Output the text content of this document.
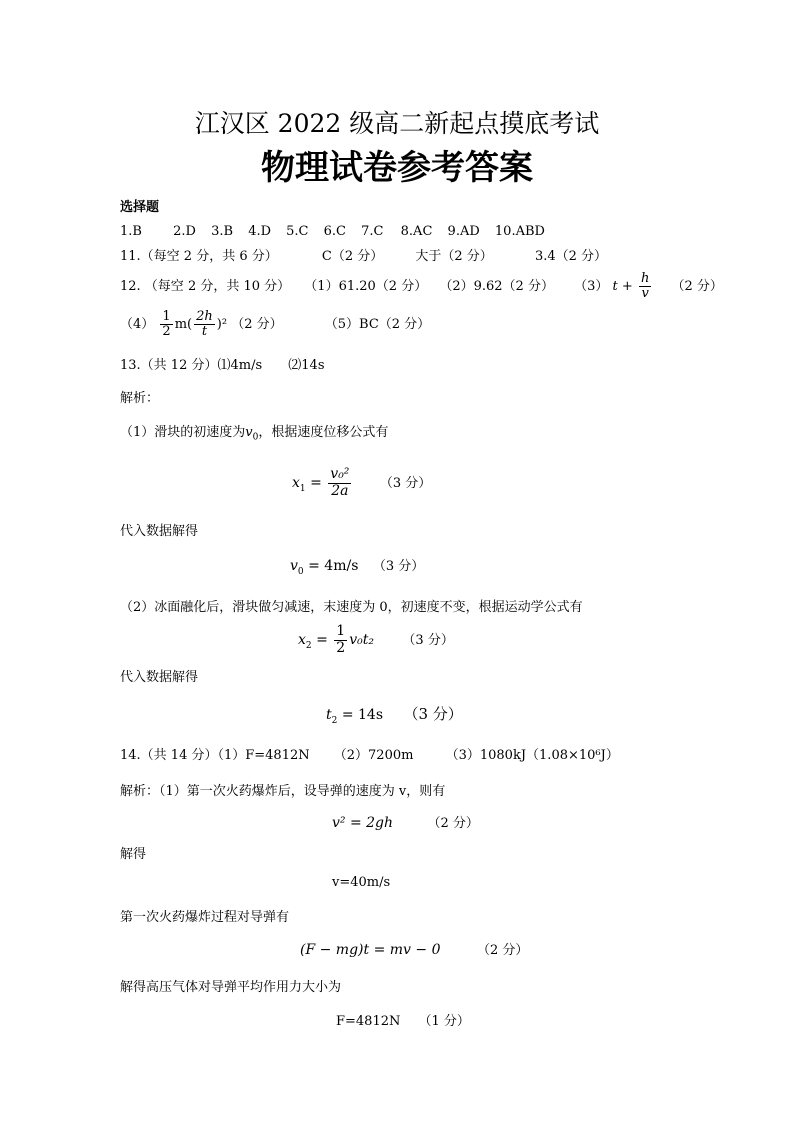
江汉区 2022 级高二新起点摸底考试
物理试卷参考答案
选择题
1.B 2.D 3.B 4.D 5.C 6.C 7.C 8.AC 9.AD 10.ABD
11.（每空 2 分，共 6 分）	C（2 分） 大于（2 分）	3.4（2 分）
12. （每空 2 分，共 10 分） （1）61.20（2 分） （2）9.62（2 分） （3） $t + \frac{h}{v} (2$ 分）
$(4) \frac{1}{2} m( \frac{2h}{t} )^2$ （2 分）	（5）BC（2 分）
13.（共 12 分）⑴4m/s ⑵14s
解析：
（1）滑块的初速度为$v_0$，根据速度位移公式有
$x_1 = \frac{\text{v₀²}}{2a} (3$ 分）
代入数据解得
$v_0 = 4m/s$ （3 分）
（2）冰面融化后，滑块做匀减速，末速度为 0，初速度不变，根据运动学公式有
$x_2 = \frac{1}{2} v_0t_2$ （3 分）
代入数据解得
$t_2 = 14s$ （3 分）
14.（共 14 分）（1）F=4812N （2）7200m （3）1080kJ（1.08×10⁶J）
解析：（1）第一次火药爆炸后，设导弹的速度为 v，则有
v² = 2gh	（2 分）
解得
v=40m/s
第一次火药爆炸过程对导弹有
(F − mg)t = mv − 0	（2 分）
解得高压气体对导弹平均作用力大小为
F=4812N （1 分）
